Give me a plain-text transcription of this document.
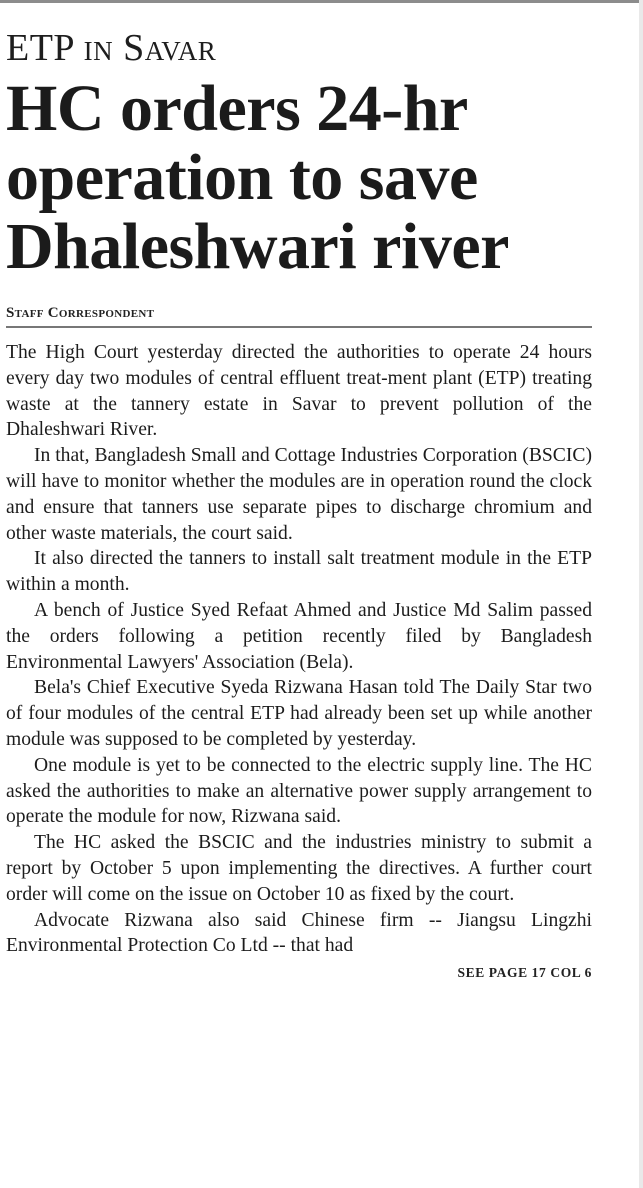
ETP in Savar
HC orders 24-hr operation to save Dhaleshwari river
Staff Correspondent

The High Court yesterday directed the authorities to operate 24 hours every day two modules of central effluent treat-ment plant (ETP) treating waste at the tannery estate in Savar to prevent pollution of the Dhaleshwari River.

In that, Bangladesh Small and Cottage Industries Corporation (BSCIC) will have to monitor whether the modules are in operation round the clock and ensure that tanners use separate pipes to discharge chromium and other waste materials, the court said.

It also directed the tanners to install salt treatment module in the ETP within a month.

A bench of Justice Syed Refaat Ahmed and Justice Md Salim passed the orders following a petition recently filed by Bangladesh Environmental Lawyers' Association (Bela).

Bela's Chief Executive Syeda Rizwana Hasan told The Daily Star two of four modules of the central ETP had already been set up while another module was supposed to be completed by yesterday.

One module is yet to be connected to the electric supply line. The HC asked the authorities to make an alternative power supply arrangement to operate the module for now, Rizwana said.

The HC asked the BSCIC and the industries ministry to submit a report by October 5 upon implementing the directives. A further court order will come on the issue on October 10 as fixed by the court.

Advocate Rizwana also said Chinese firm -- Jiangsu Lingzhi Environmental Protection Co Ltd -- that had

SEE PAGE 17 COL 6
